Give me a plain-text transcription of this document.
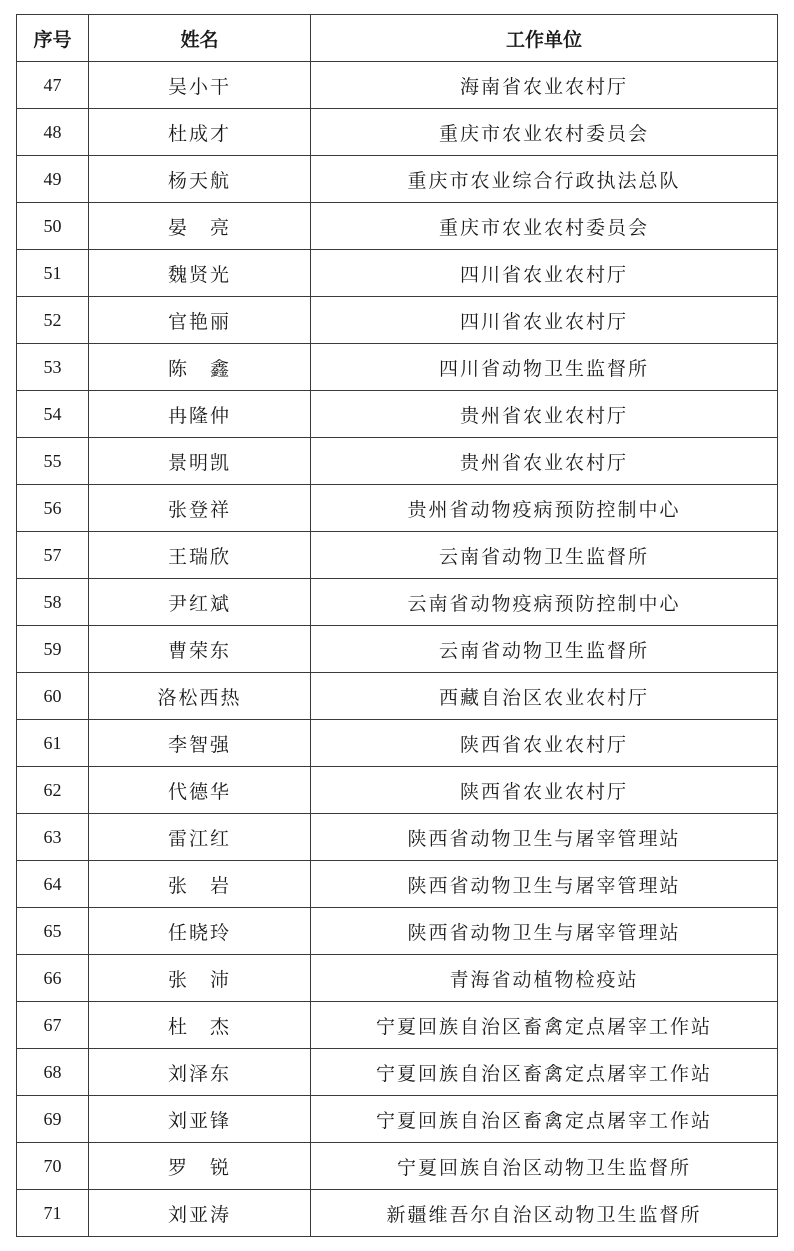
序号	姓名	工作单位
47	吴小干	海南省农业农村厅
48	杜成才	重庆市农业农村委员会
49	杨天航	重庆市农业综合行政执法总队
50	晏　亮	重庆市农业农村委员会
51	魏贤光	四川省农业农村厅
52	官艳丽	四川省农业农村厅
53	陈　鑫	四川省动物卫生监督所
54	冉隆仲	贵州省农业农村厅
55	景明凯	贵州省农业农村厅
56	张登祥	贵州省动物疫病预防控制中心
57	王瑞欣	云南省动物卫生监督所
58	尹红斌	云南省动物疫病预防控制中心
59	曹荣东	云南省动物卫生监督所
60	洛松西热	西藏自治区农业农村厅
61	李智强	陕西省农业农村厅
62	代德华	陕西省农业农村厅
63	雷江红	陕西省动物卫生与屠宰管理站
64	张　岩	陕西省动物卫生与屠宰管理站
65	任晓玲	陕西省动物卫生与屠宰管理站
66	张　沛	青海省动植物检疫站
67	杜　杰	宁夏回族自治区畜禽定点屠宰工作站
68	刘泽东	宁夏回族自治区畜禽定点屠宰工作站
69	刘亚锋	宁夏回族自治区畜禽定点屠宰工作站
70	罗　锐	宁夏回族自治区动物卫生监督所
71	刘亚涛	新疆维吾尔自治区动物卫生监督所
